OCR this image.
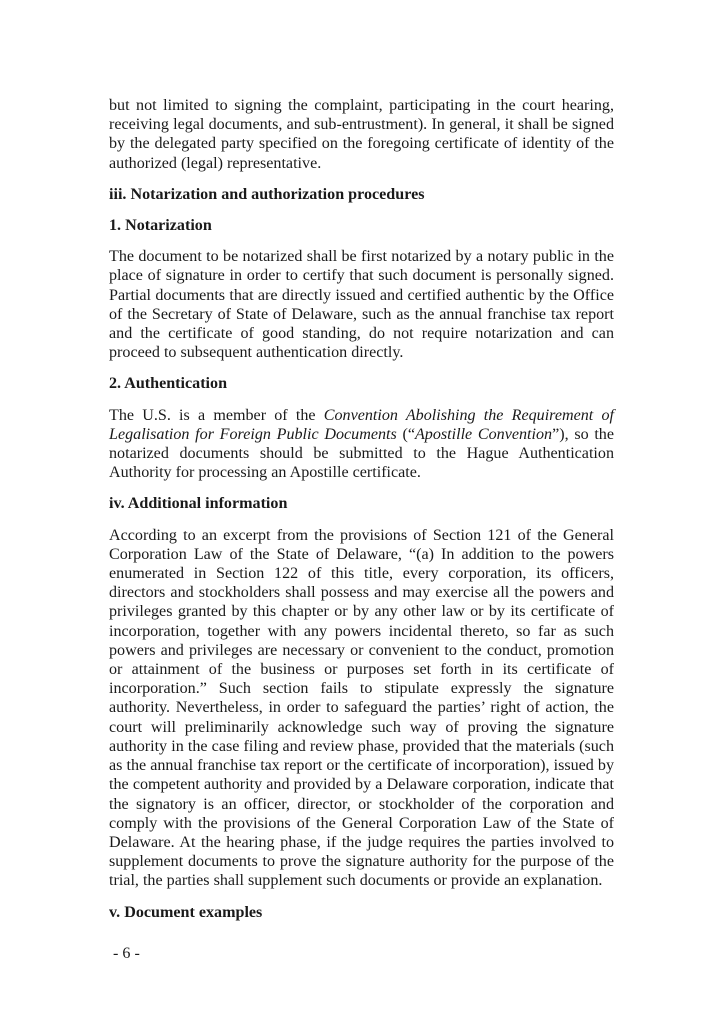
but not limited to signing the complaint, participating in the court hearing, receiving legal documents, and sub-entrustment). In general, it shall be signed by the delegated party specified on the foregoing certificate of identity of the authorized (legal) representative.

iii. Notarization and authorization procedures
1. Notarization

The document to be notarized shall be first notarized by a notary public in the place of signature in order to certify that such document is personally signed. Partial documents that are directly issued and certified authentic by the Office of the Secretary of State of Delaware, such as the annual franchise tax report and the certificate of good standing, do not require notarization and can proceed to subsequent authentication directly.

2. Authentication

The U.S. is a member of the Convention Abolishing the Requirement of Legalisation for Foreign Public Documents (“Apostille Convention”), so the notarized documents should be submitted to the Hague Authentication Authority for processing an Apostille certificate.

iv. Additional information

According to an excerpt from the provisions of Section 121 of the General Corporation Law of the State of Delaware, “(a) In addition to the powers enumerated in Section 122 of this title, every corporation, its officers, directors and stockholders shall possess and may exercise all the powers and privileges granted by this chapter or by any other law or by its certificate of incorporation, together with any powers incidental thereto, so far as such powers and privileges are necessary or convenient to the conduct, promotion or attainment of the business or purposes set forth in its certificate of incorporation.” Such section fails to stipulate expressly the signature authority. Nevertheless, in order to safeguard the parties’ right of action, the court will preliminarily acknowledge such way of proving the signature authority in the case filing and review phase, provided that the materials (such as the annual franchise tax report or the certificate of incorporation), issued by the competent authority and provided by a Delaware corporation, indicate that the signatory is an officer, director, or stockholder of the corporation and comply with the provisions of the General Corporation Law of the State of Delaware. At the hearing phase, if the judge requires the parties involved to supplement documents to prove the signature authority for the purpose of the trial, the parties shall supplement such documents or provide an explanation.

v. Document examples
- 6 -
